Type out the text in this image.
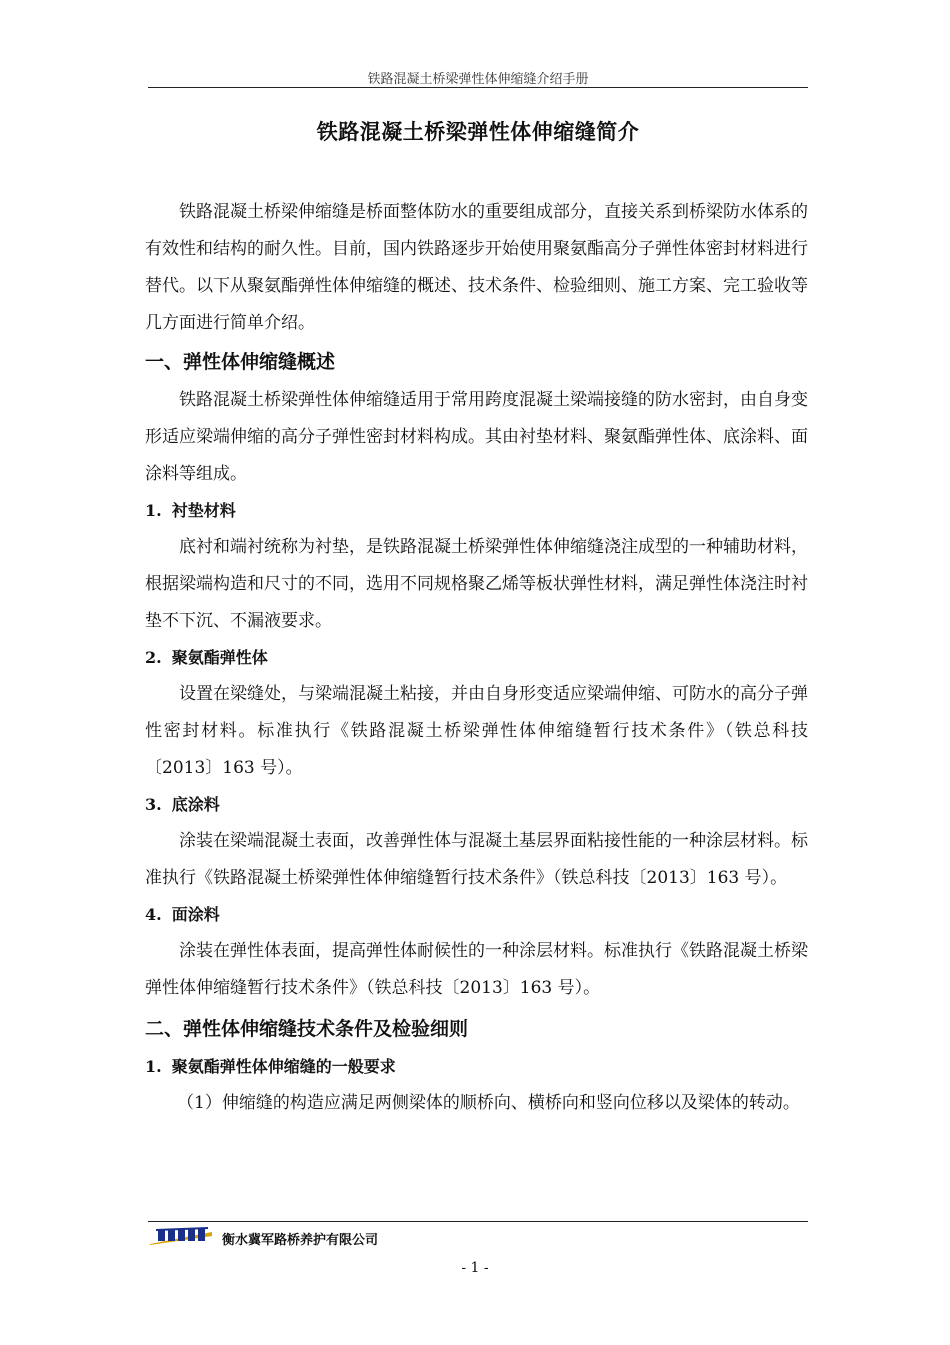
铁路混凝土桥梁弹性体伸缩缝介绍手册
铁路混凝土桥梁弹性体伸缩缝简介

铁路混凝土桥梁伸缩缝是桥面整体防水的重要组成部分，直接关系到桥梁防水体系的有效性和结构的耐久性。目前，国内铁路逐步开始使用聚氨酯高分子弹性体密封材料进行替代。以下从聚氨酯弹性体伸缩缝的概述、技术条件、检验细则、施工方案、完工验收等几方面进行简单介绍。

一、弹性体伸缩缝概述

铁路混凝土桥梁弹性体伸缩缝适用于常用跨度混凝土梁端接缝的防水密封，由自身变形适应梁端伸缩的高分子弹性密封材料构成。其由衬垫材料、聚氨酯弹性体、底涂料、面涂料等组成。

1. 衬垫材料

底衬和端衬统称为衬垫，是铁路混凝土桥梁弹性体伸缩缝浇注成型的一种辅助材料，根据梁端构造和尺寸的不同，选用不同规格聚乙烯等板状弹性材料，满足弹性体浇注时衬垫不下沉、不漏液要求。

2. 聚氨酯弹性体

设置在梁缝处，与梁端混凝土粘接，并由自身形变适应梁端伸缩、可防水的高分子弹性密封材料。标准执行《铁路混凝土桥梁弹性体伸缩缝暂行技术条件》（铁总科技〔2013〕163 号）。

3. 底涂料

涂装在梁端混凝土表面，改善弹性体与混凝土基层界面粘接性能的一种涂层材料。标准执行《铁路混凝土桥梁弹性体伸缩缝暂行技术条件》（铁总科技〔2013〕163 号）。

4. 面涂料

涂装在弹性体表面，提高弹性体耐候性的一种涂层材料。标准执行《铁路混凝土桥梁弹性体伸缩缝暂行技术条件》（铁总科技〔2013〕163 号）。

二、弹性体伸缩缝技术条件及检验细则
1. 聚氨酯弹性体伸缩缝的一般要求

（1）伸缩缝的构造应满足两侧梁体的顺桥向、横桥向和竖向位移以及梁体的转动。

衡水冀军路桥养护有限公司
- 1 -
